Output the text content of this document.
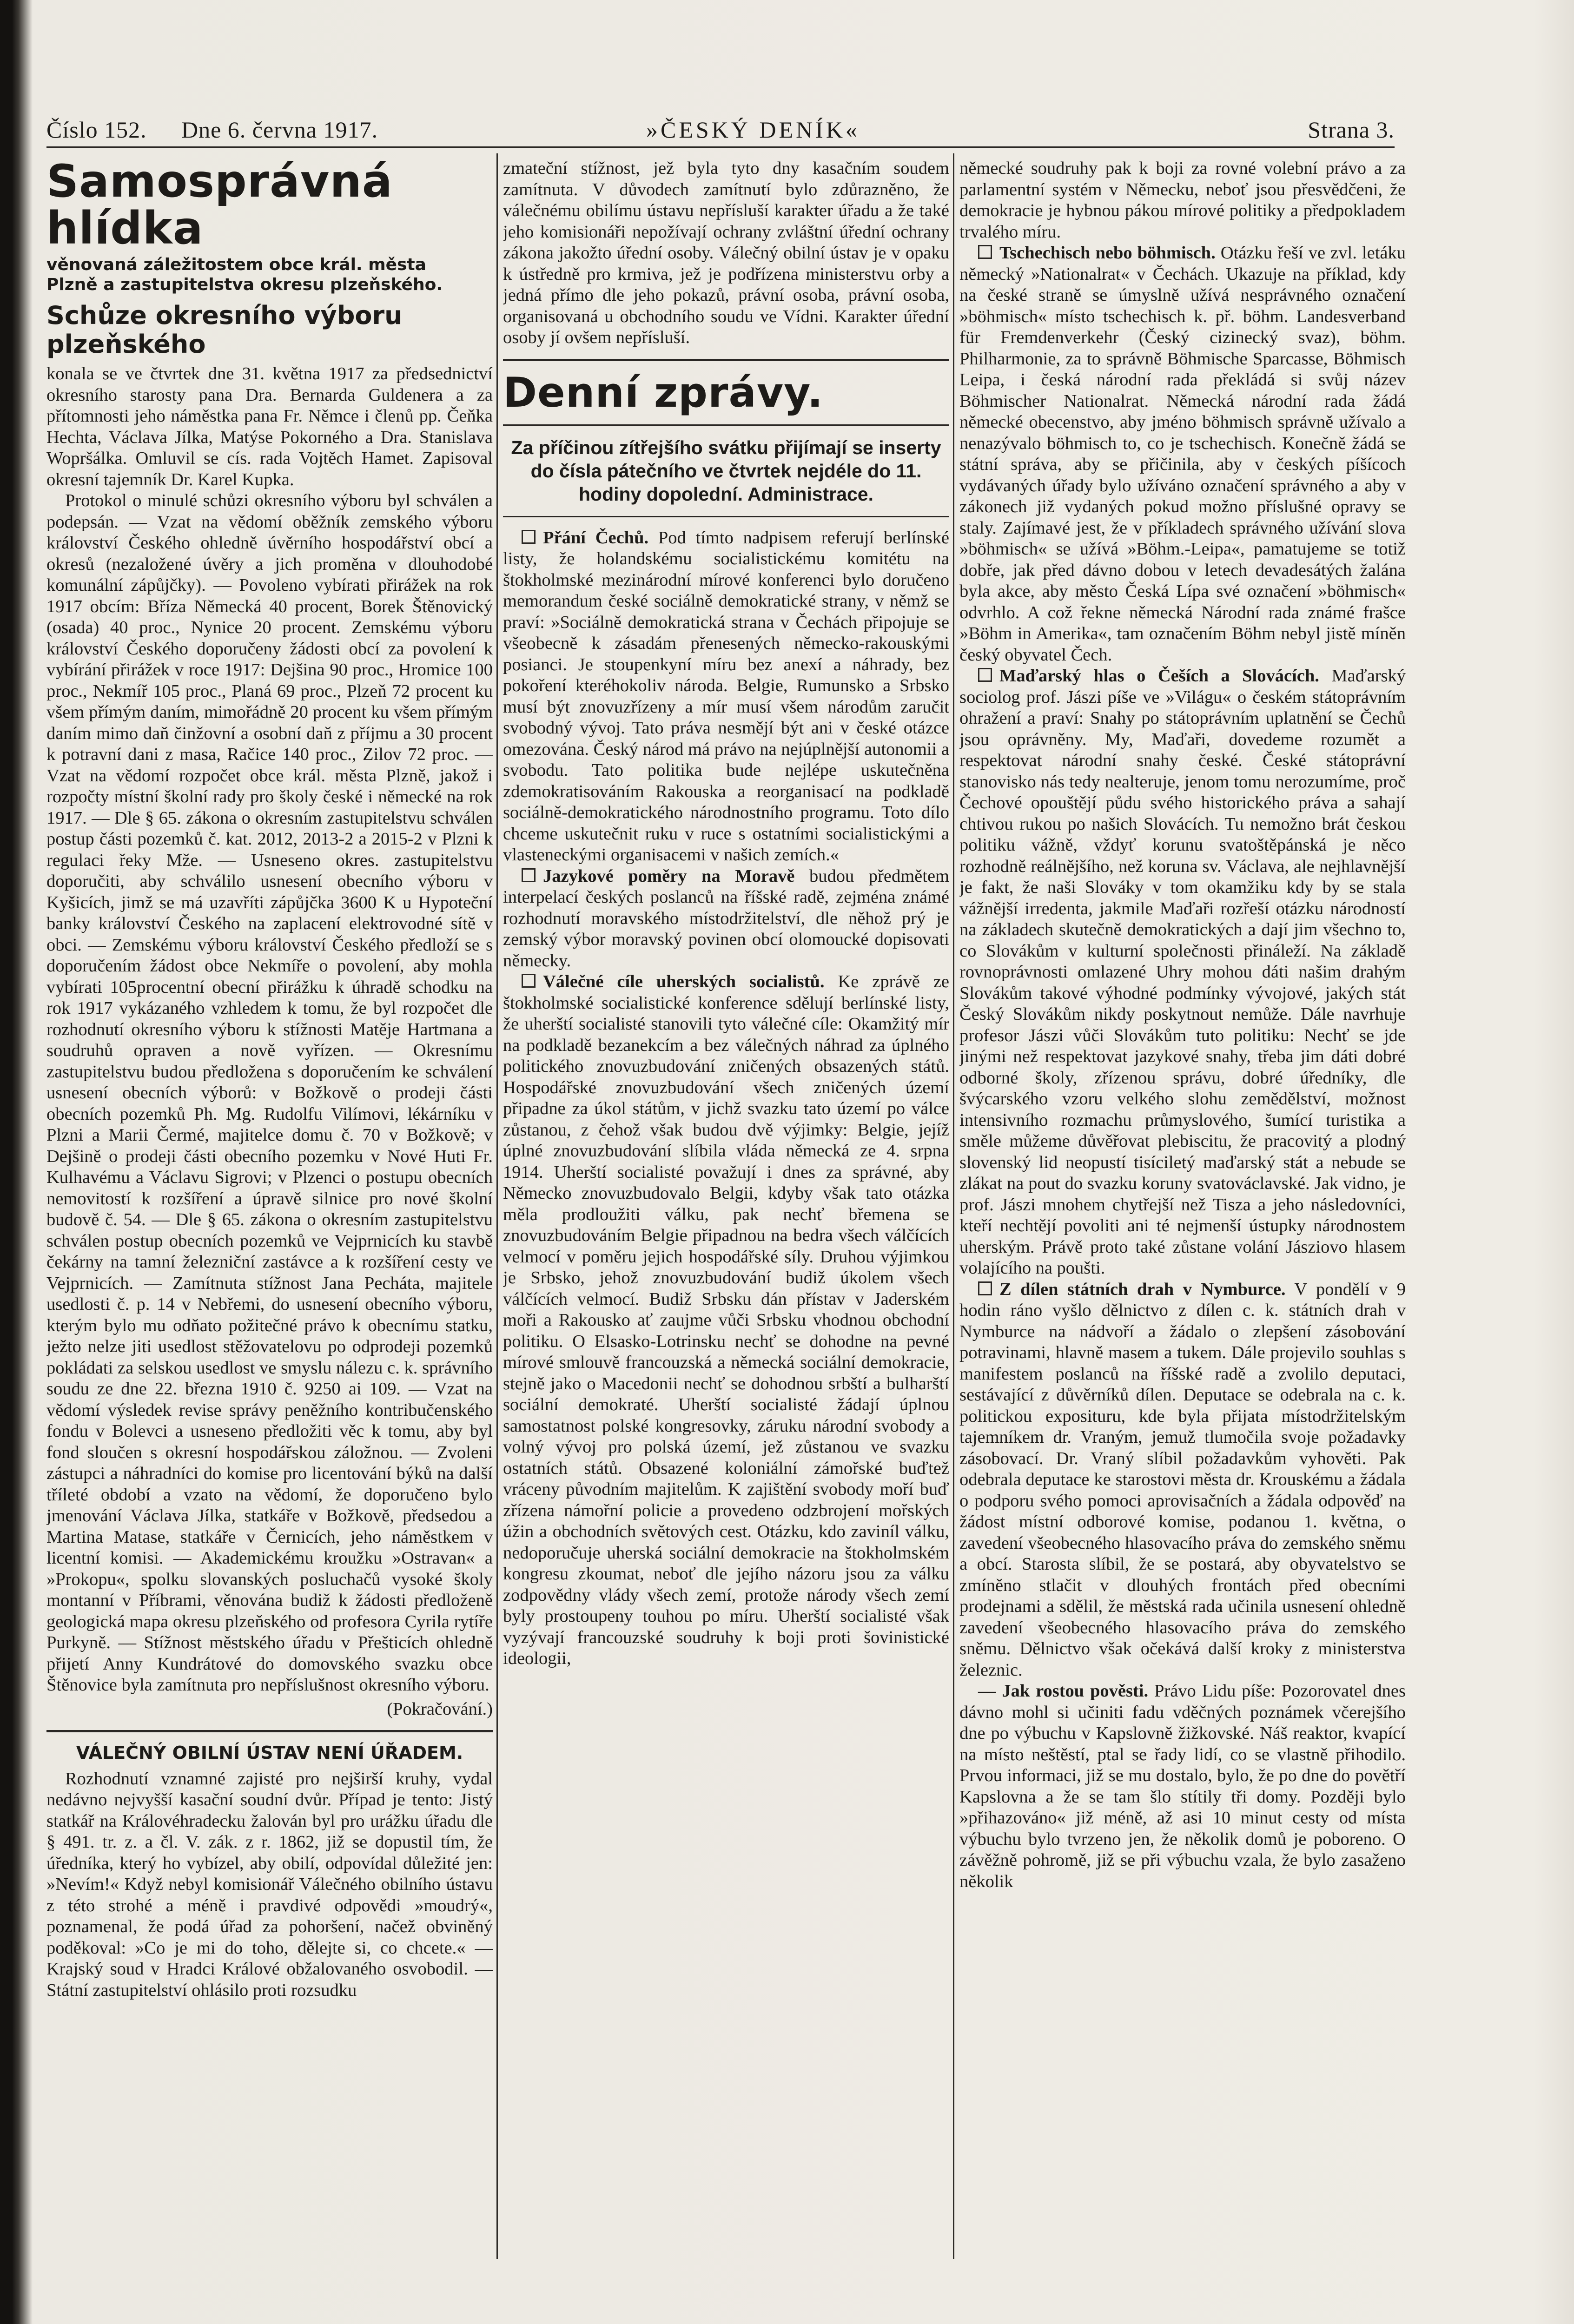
Číslo 152. Dne 6. června 1917.	»ČESKÝ DENÍK«	Strana 3.
Samosprávná hlídka
věnovaná záležitostem obce král. města
Plzně a zastupitelstva okresu plzeňského.
Schůze okresního výboru plzeňského

konala se ve čtvrtek dne 31. května 1917 za předsednictví okresního starosty pana Dra. Bernarda Guldenera a za přítomnosti jeho náměstka pana Fr. Němce i členů pp. Čeňka Hechta, Václava Jílka, Matýse Pokorného a Dra. Stanislava Wopršálka. Omluvil se cís. rada Vojtěch Hamet. Zapisoval okresní tajemník Dr. Karel Kupka.

Protokol o minulé schůzi okresního výboru byl schválen a podepsán. — Vzat na vědomí oběžník zemského výboru království Českého ohledně úvěrního hospodářství obcí a okresů (nezaložené úvěry a jich proměna v dlouhodobé komunální zápůjčky). — Povoleno vybírati přirážek na rok 1917 obcím: Bříza Německá 40 procent, Borek Štěnovický (osada) 40 proc., Nynice 20 procent. Zemskému výboru království Českého doporučeny žádosti obcí za povolení k vybírání přirážek v roce 1917: Dejšina 90 proc., Hromice 100 proc., Nekmíř 105 proc., Planá 69 proc., Plzeň 72 procent ku všem přímým daním, mimořádně 20 procent ku všem přímým daním mimo daň činžovní a osobní daň z příjmu a 30 procent k potravní dani z masa, Račice 140 proc., Zilov 72 proc. — Vzat na vědomí rozpočet obce král. města Plzně, jakož i rozpočty místní školní rady pro školy české i německé na rok 1917. — Dle § 65. zákona o okresním zastupitelstvu schválen postup části pozemků č. kat. 2012, 2013-2 a 2015-2 v Plzni k regulaci řeky Mže. — Usneseno okres. zastupitelstvu doporučiti, aby schválilo usnesení obecního výboru v Kyšicích, jimž se má uzavříti zápůjčka 3600 K u Hypoteční banky království Českého na zaplacení elektrovodné sítě v obci. — Zemskému výboru království Českého předloží se s doporučením žádost obce Nekmíře o povolení, aby mohla vybírati 105procentní obecní přirážku k úhradě schodku na rok 1917 vykázaného vzhledem k tomu, že byl rozpočet dle rozhodnutí okresního výboru k stížnosti Matěje Hartmana a soudruhů opraven a nově vyřízen. — Okresnímu zastupitelstvu budou předložena s doporučením ke schválení usnesení obecních výborů: v Božkově o prodeji části obecních pozemků Ph. Mg. Rudolfu Vilímovi, lékárníku v Plzni a Marii Čermé, majitelce domu č. 70 v Božkově; v Dejšině o prodeji části obecního pozemku v Nové Huti Fr. Kulhavému a Václavu Sigrovi; v Plzenci o postupu obecních nemovitostí k rozšíření a úpravě silnice pro nové školní budově č. 54. — Dle § 65. zákona o okresním zastupitelstvu schválen postup obecních pozemků ve Vejprnicích ku stavbě čekárny na tamní železniční zastávce a k rozšíření cesty ve Vejprnicích. — Zamítnuta stížnost Jana Pecháta, majitele usedlosti č. p. 14 v Nebřemi, do usnesení obecního výboru, kterým bylo mu odňato požitečné právo k obecnímu statku, ježto nelze jiti usedlost stěžovatelovu po odprodeji pozemků pokládati za selskou usedlost ve smyslu nálezu c. k. správního soudu ze dne 22. března 1910 č. 9250 ai 109. — Vzat na vědomí výsledek revise správy peněžního kontribučenského fondu v Bolevci a usneseno předložiti věc k tomu, aby byl fond sloučen s okresní hospodářskou záložnou. — Zvoleni zástupci a náhradníci do komise pro licentování býků na další tříleté období a vzato na vědomí, že doporučeno bylo jmenování Václava Jílka, statkáře v Božkově, předsedou a Martina Matase, statkáře v Černicích, jeho náměstkem v licentní komisi. — Akademickému kroužku »Ostravan« a »Prokopu«, spolku slovanských posluchačů vysoké školy montanní v Příbrami, věnována budiž k žádosti předloženě geologická mapa okresu plzeňského od profesora Cyrila rytíře Purkyně. — Stížnost městského úřadu v Přešticích ohledně přijetí Anny Kundrátové do domovského svazku obce Štěnovice byla zamítnuta pro nepříslušnost okresního výboru.

(Pokračování.)
VÁLEČNÝ OBILNÍ ÚSTAV NENÍ ÚŘADEM.

Rozhodnutí vznamné zajisté pro nejširší kruhy, vydal nedávno nejvyšší kasační soudní dvůr. Případ je tento: Jistý statkář na Královéhradecku žalován byl pro urážku úřadu dle § 491. tr. z. a čl. V. zák. z r. 1862, již se dopustil tím, že úředníka, který ho vybízel, aby obilí, odpovídal důležité jen: »Nevím!« Když nebyl komisionář Válečného obilního ústavu z této strohé a méně i pravdivé odpovědi »moudrý«, poznamenal, že podá úřad za pohoršení, načež obviněný poděkoval: »Co je mi do toho, dělejte si, co chcete.« — Krajský soud v Hradci Králové obžalovaného osvobodil. — Státní zastupitelství ohlásilo proti rozsudku

zmateční stížnost, jež byla tyto dny kasačním soudem zamítnuta. V důvodech zamítnutí bylo zdůrazněno, že válečnému obilímu ústavu nepřísluší karakter úřadu a že také jeho komisionáři nepožívají ochrany zvláštní úřední ochrany zákona jakožto úřední osoby. Válečný obilní ústav je v opaku k ústředně pro krmiva, jež je podřízena ministerstvu orby a jedná přímo dle jeho pokazů, právní osoba, právní osoba, organisovaná u obchodního soudu ve Vídni. Karakter úřední osoby jí ovšem nepřísluší.

Denní zprávy.
Za příčinou zítřejšího svátku přijímají se inserty do čísla pátečního ve čtvrtek nejdéle do 11. hodiny dopolední. Administrace.

Přání Čechů. Pod tímto nadpisem referují berlínské listy, že holandskému socialistickému komitétu na štokholmské mezinárodní mírové konferenci bylo doručeno memorandum české sociálně demokratické strany, v němž se praví: »Sociálně demokratická strana v Čechách připojuje se všeobecně k zásadám přenesených německo-rakouskými posianci. Je stoupenkyní míru bez anexí a náhrady, bez pokoření kteréhokoliv národa. Belgie, Rumunsko a Srbsko musí být znovuzřízeny a mír musí všem národům zaručit svobodný vývoj. Tato práva nesmějí být ani v české otázce omezována. Český národ má právo na nejúplnější autonomii a svobodu. Tato politika bude nejlépe uskutečněna zdemokratisováním Rakouska a reorganisací na podkladě sociálně-demokratického národnostního programu. Toto dílo chceme uskutečnit ruku v ruce s ostatními socialistickými a vlasteneckými organisacemi v našich zemích.«

Jazykové poměry na Moravě budou předmětem interpelací českých poslanců na říšské radě, zejména známé rozhodnutí moravského místodržitelství, dle něhož prý je zemský výbor moravský povinen obcí olomoucké dopisovati německy.

Válečné cíle uherských socialistů. Ke zprávě ze štokholmské socialistické konference sdělují berlínské listy, že uherští socialisté stanovili tyto válečné cíle: Okamžitý mír na podkladě bezanekcím a bez válečných náhrad za úplného politického znovuzbudování zničených obsazených států. Hospodářské znovuzbudování všech zničených území připadne za úkol státům, v jichž svazku tato území po válce zůstanou, z čehož však budou dvě výjimky: Belgie, jejíž úplné znovuzbudování slíbila vláda německá ze 4. srpna 1914. Uherští socialisté považují i dnes za správné, aby Německo znovuzbudovalo Belgii, kdyby však tato otázka měla prodloužiti válku, pak nechť břemena se znovuzbudováním Belgie připadnou na bedra všech válčících velmocí v poměru jejich hospodářské síly. Druhou výjimkou je Srbsko, jehož znovuzbudování budiž úkolem všech válčících velmocí. Budiž Srbsku dán přístav v Jaderském moři a Rakousko ať zaujme vůči Srbsku vhodnou obchodní politiku. O Elsasko-Lotrinsku nechť se dohodne na pevné mírové smlouvě francouzská a německá sociální demokracie, stejně jako o Macedonii nechť se dohodnou srbští a bulharští sociální demokraté. Uherští socialisté žádají úplnou samostatnost polské kongresovky, záruku národní svobody a volný vývoj pro polská území, jež zůstanou ve svazku ostatních států. Obsazené koloniální zámořské buďtež vráceny původním majitelům. K zajištění svobody moří buď zřízena námořní policie a provedeno odzbrojení mořských úžin a obchodních světových cest. Otázku, kdo zaviníl válku, nedoporučuje uherská sociální demokracie na štokholmském kongresu zkoumat, neboť dle jejího názoru jsou za válku zodpovědny vlády všech zemí, protože národy všech zemí byly prostoupeny touhou po míru. Uherští socialisté však vyzývají francouzské soudruhy k boji proti šovinistické ideologii,

německé soudruhy pak k boji za rovné volební právo a za parlamentní systém v Německu, neboť jsou přesvědčeni, že demokracie je hybnou pákou mírové politiky a předpokladem trvalého míru.

Tschechisch nebo böhmisch. Otázku řeší ve zvl. letáku německý »Nationalrat« v Čechách. Ukazuje na příklad, kdy na české straně se úmyslně užívá nesprávného označení »böhmisch« místo tschechisch k. př. böhm. Landesverband für Fremdenverkehr (Český cizinecký svaz), böhm. Philharmonie, za to správně Böhmische Sparcasse, Böhmisch Leipa, i česká národní rada překládá si svůj název Böhmischer Nationalrat. Německá národní rada žádá německé obecenstvo, aby jméno böhmisch správně užívalo a nenazývalo böhmisch to, co je tschechisch. Konečně žádá se státní správa, aby se přičinila, aby v českých píšícoch vydávaných úřady bylo užíváno označení správného a aby v zákonech již vydaných pokud možno příslušné opravy se staly. Zajímavé jest, že v příkladech správného užívání slova »böhmisch« se užívá »Böhm.-Leipa«, pamatujeme se totiž dobře, jak před dávno dobou v letech devadesátých žalána byla akce, aby město Česká Lípa své označení »böhmisch« odvrhlo. A což řekne německá Národní rada známé frašce »Böhm in Amerika«, tam označením Böhm nebyl jistě míněn český obyvatel Čech.

Maďarský hlas o Češích a Slovácích. Maďarský sociolog prof. Jászi píše ve »Világu« o českém státoprávním ohražení a praví: Snahy po státoprávním uplatnění se Čechů jsou oprávněny. My, Maďaři, dovedeme rozumět a respektovat národní snahy české. České státoprávní stanovisko nás tedy nealteruje, jenom tomu nerozumíme, proč Čechové opouštějí půdu svého historického práva a sahají chtivou rukou po našich Slovácích. Tu nemožno brát českou politiku vážně, vždyť korunu svatoštěpánská je něco rozhodně reálnějšího, než koruna sv. Václava, ale nejhlavnější je fakt, že naši Slováky v tom okamžiku kdy by se stala vážnější irredenta, jakmile Maďaři rozřeší otázku národností na základech skutečně demokratických a dají jim všechno to, co Slovákům v kulturní společnosti přináleží. Na základě rovnoprávnosti omlazené Uhry mohou dáti našim drahým Slovákům takové výhodné podmínky vývojové, jakých stát Český Slovákům nikdy poskytnout nemůže. Dále navrhuje profesor Jászi vůči Slovákům tuto politiku: Nechť se jde jinými než respektovat jazykové snahy, třeba jim dáti dobré odborné školy, zřízenou správu, dobré úředníky, dle švýcarského vzoru velkého slohu zemědělství, možnost intensivního rozmachu průmyslového, šumící turistika a směle můžeme důvěřovat plebiscitu, že pracovitý a plodný slovenský lid neopustí tisíciletý maďarský stát a nebude se zlákat na pout do svazku koruny svatováclavské. Jak vidno, je prof. Jászi mnohem chytřejší než Tisza a jeho následovníci, kteří nechtějí povoliti ani té nejmenší ústupky národnostem uherským. Právě proto také zůstane volání Jásziovo hlasem volajícího na poušti.

Z dílen státních drah v Nymburce. V pondělí v 9 hodin ráno vyšlo dělnictvo z dílen c. k. státních drah v Nymburce na nádvoří a žádalo o zlepšení zásobování potravinami, hlavně masem a tukem. Dále projevilo souhlas s manifestem poslanců na říšské radě a zvolilo deputaci, sestávající z důvěrníků dílen. Deputace se odebrala na c. k. politickou exposituru, kde byla přijata místodržitelským tajemníkem dr. Vraným, jemuž tlumočila svoje požadavky zásobovací. Dr. Vraný slíbil požadavkům vyhověti. Pak odebrala deputace ke starostovi města dr. Krouskému a žádala o podporu svého pomoci aprovisačních a žádala odpověď na žádost místní odborové komise, podanou 1. května, o zavedení všeobecného hlasovacího práva do zemského sněmu a obcí. Starosta slíbil, že se postará, aby obyvatelstvo se zmíněno stlačit v dlouhých frontách před obecními prodejnami a sdělil, že městská rada učinila usnesení ohledně zavedení všeobecného hlasovacího práva do zemského sněmu. Dělnictvo však očekává další kroky z ministerstva železnic.

— Jak rostou pověsti. Právo Lidu píše: Pozorovatel dnes dávno mohl si učiniti fadu vděčných poznámek včerejšího dne po výbuchu v Kapslovně žižkovské. Náš reaktor, kvapící na místo neštěstí, ptal se řady lidí, co se vlastně přihodilo. Prvou informaci, již se mu dostalo, bylo, že po dne do povětří Kapslovna a že se tam šlo stítily tři domy. Později bylo »přihazováno« již méně, až asi 10 minut cesty od místa výbuchu bylo tvrzeno jen, že několik domů je poboreno. O závěžně pohromě, již se při výbuchu vzala, že bylo zasaženo několik
